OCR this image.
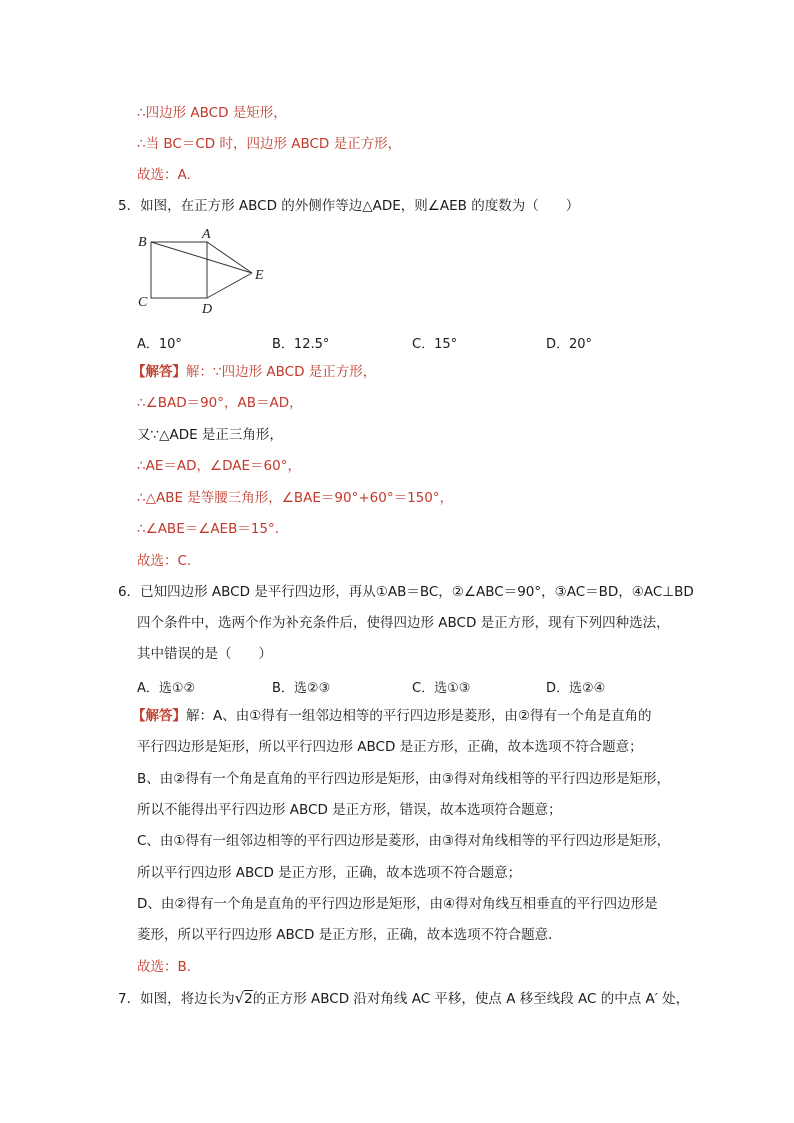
∴四边形 ABCD 是矩形，
∴当 BC＝CD 时，四边形 ABCD 是正方形，
故选：A.
5．如图，在正方形 ABCD 的外侧作等边△ADE，则∠AEB 的度数为（　　）
B
A
E
C	D
A．10°	B．12.5°	C．15°	D．20°
【解答】解：∵四边形 ABCD 是正方形，
∴∠BAD＝90°，AB＝AD，
又∵△ADE 是正三角形，
∴AE＝AD，∠DAE＝60°，
∴△ABE 是等腰三角形，∠BAE＝90°+60°＝150°，
∴∠ABE＝∠AEB＝15°．
故选：C.
6．已知四边形 ABCD 是平行四边形，再从①AB＝BC，②∠ABC＝90°，③AC＝BD，④AC⊥BD
四个条件中，选两个作为补充条件后，使得四边形 ABCD 是正方形，现有下列四种选法，
其中错误的是（　　）
A．选①②	B．选②③	C．选①③	D．选②④
【解答】解：A、由①得有一组邻边相等的平行四边形是菱形，由②得有一个角是直角的
平行四边形是矩形，所以平行四边形 ABCD 是正方形，正确，故本选项不符合题意；
B、由②得有一个角是直角的平行四边形是矩形，由③得对角线相等的平行四边形是矩形，
所以不能得出平行四边形 ABCD 是正方形，错误，故本选项符合题意；
C、由①得有一组邻边相等的平行四边形是菱形，由③得对角线相等的平行四边形是矩形，
所以平行四边形 ABCD 是正方形，正确，故本选项不符合题意；
D、由②得有一个角是直角的平行四边形是矩形，由④得对角线互相垂直的平行四边形是
菱形，所以平行四边形 ABCD 是正方形，正确，故本选项不符合题意．
故选：B.
7．如图，将边长为√2的正方形 ABCD 沿对角线 AC 平移，使点 A 移至线段 AC 的中点 A′ 处，
